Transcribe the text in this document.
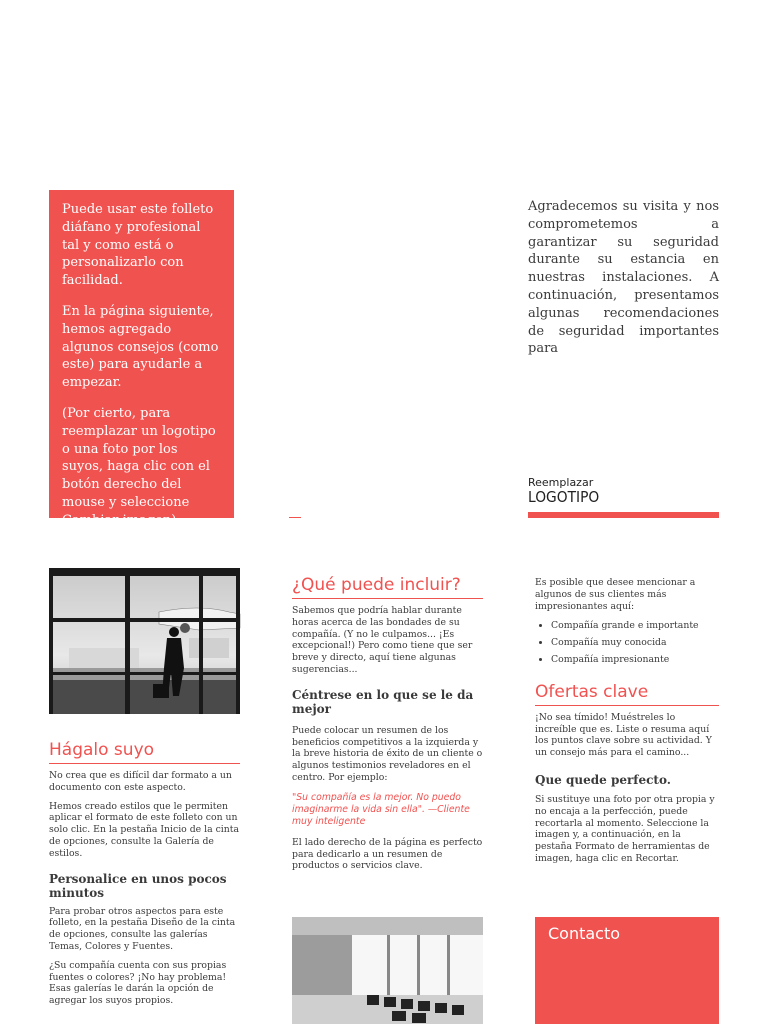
Puede usar este folleto diáfano y profesional tal y como está o personalizarlo con facilidad.

En la página siguiente, hemos agregado algunos consejos (como este) para ayudarle a empezar.

(Por cierto, para reemplazar un logotipo o una foto por los suyos, haga clic con el botón derecho del mouse y seleccione Cambiar imagen).

Agradecemos su visita y nos comprometemos a garantizar su seguridad durante su estancia en nuestras instalaciones. A continuación, presentamos algunas recomendaciones de seguridad importantes para
Reemplazar
LOGOTIPO
Hágalo suyo

No crea que es difícil dar formato a un documento con este aspecto.

Hemos creado estilos que le permiten aplicar el formato de este folleto con un solo clic. En la pestaña Inicio de la cinta de opciones, consulte la Galería de estilos.

Personalice en unos pocos minutos

Para probar otros aspectos para este folleto, en la pestaña Diseño de la cinta de opciones, consulte las galerías Temas, Colores y Fuentes.

¿Su compañía cuenta con sus propias fuentes o colores? ¡No hay problema! Esas galerías le darán la opción de agregar los suyos propios.

¿Qué puede incluir?

Sabemos que podría hablar durante horas acerca de las bondades de su compañía. (Y no le culpamos... ¡Es excepcional!) Pero como tiene que ser breve y directo, aquí tiene algunas sugerencias...

Céntrese en lo que se le da mejor

Puede colocar un resumen de los beneficios competitivos a la izquierda y la breve historia de éxito de un cliente o algunos testimonios reveladores en el centro. Por ejemplo:

"Su compañía es la mejor. No puedo imaginarme la vida sin ella". —Cliente muy inteligente

El lado derecho de la página es perfecto para dedicarlo a un resumen de productos o servicios clave.

Es posible que desee mencionar a algunos de sus clientes más impresionantes aquí:

• Compañía grande e importante
• Compañía muy conocida
• Compañía impresionante
Ofertas clave

¡No sea tímido! Muéstreles lo increíble que es. Liste o resuma aquí los puntos clave sobre su actividad. Y un consejo más para el camino...

Que quede perfecto.

Si sustituye una foto por otra propia y no encaja a la perfección, puede recortarla al momento. Seleccione la imagen y, a continuación, en la pestaña Formato de herramientas de imagen, haga clic en Recortar.

Contacto
